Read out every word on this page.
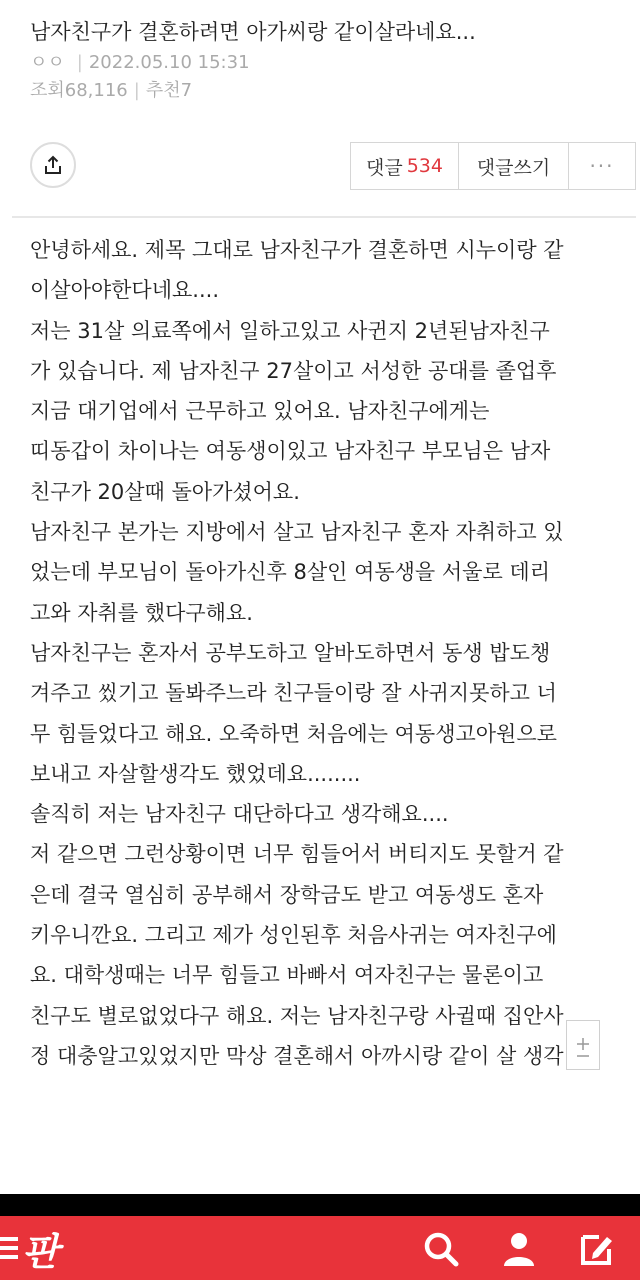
남자친구가 결혼하려면 아가씨랑 같이살라네요...
ㅇㅇ | 2022.05.10 15:31
조회68,116 | 추천7
댓글 534	댓글쓰기	···
안녕하세요. 제목 그대로 남자친구가 결혼하면 시누이랑 같
이살아야한다네요....
저는 31살 의료쪽에서 일하고있고 사귄지 2년된남자친구
가 있습니다. 제 남자친구 27살이고 서성한 공대를 졸업후
지금 대기업에서 근무하고 있어요. 남자친구에게는
띠동갑이 차이나는 여동생이있고 남자친구 부모님은 남자
친구가 20살때 돌아가셨어요.
남자친구 본가는 지방에서 살고 남자친구 혼자 자취하고 있
었는데 부모님이 돌아가신후 8살인 여동생을 서울로 데리
고와 자취를 했다구해요.
남자친구는 혼자서 공부도하고 알바도하면서 동생 밥도챙
겨주고 씼기고 돌봐주느라 친구들이랑 잘 사귀지못하고 너
무 힘들었다고 해요. 오죽하면 처음에는 여동생고아원으로
보내고 자살할생각도 했었데요........
솔직히 저는 남자친구 대단하다고 생각해요....
저 같으면 그런상황이면 너무 힘들어서 버티지도 못할거 같
은데 결국 열심히 공부해서 장학금도 받고 여동생도 혼자
키우니깐요. 그리고 제가 성인된후 처음사귀는 여자친구에
요. 대학생때는 너무 힘들고 바빠서 여자친구는 물론이고
친구도 별로없었다구 해요. 저는 남자친구랑 사귈때 집안사
정 대충알고있었지만 막상 결혼해서 아까시랑 같이 살 생각
판
